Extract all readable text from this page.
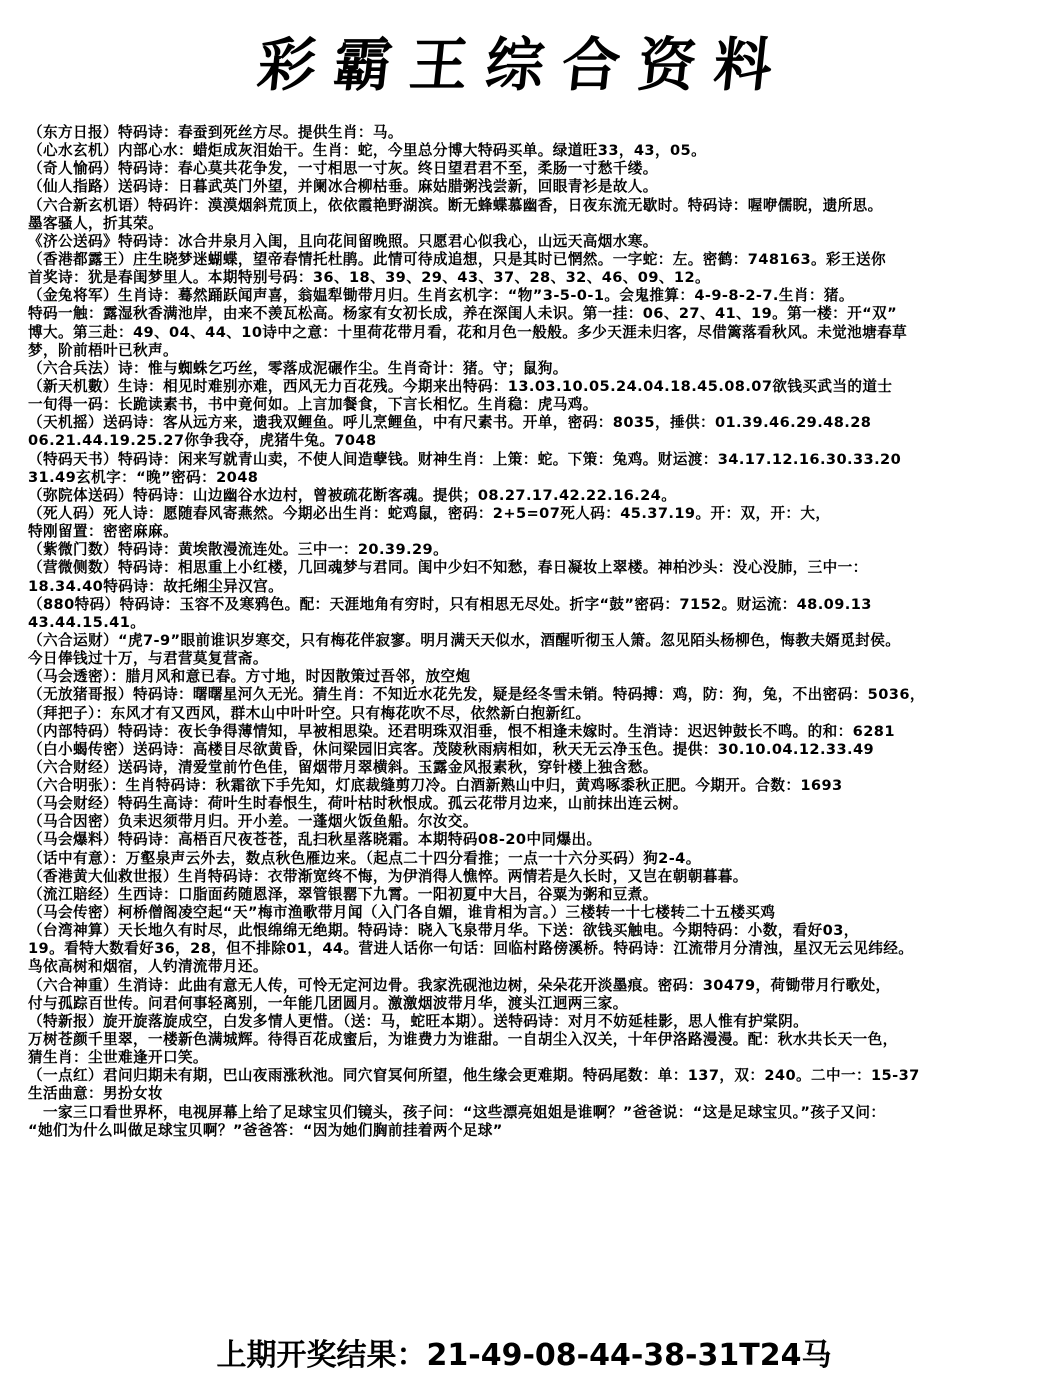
彩霸王综合资料
（东方日报）特码诗：春蚕到死丝方尽。提供生肖：马。
（心水玄机）内部心水：蜡炬成灰泪始干。生肖：蛇，今里总分博大特码买单。绿道旺33，43，05。
（奇人愉码）特码诗：春心莫共花争发，一寸相思一寸灰。终日望君君不至，柔肠一寸愁千缕。
（仙人指路）送码诗：日暮武英门外望，并阑冰合柳枯垂。麻姑腊粥浅尝新，回眼青衫是故人。
（六合新玄机语）特码许：漠漠烟斜荒顶上，依依霞艳野湖滨。断无蜂蝶慕幽香，日夜东流无歇时。特码诗：喔咿儒睨，遗所思。
墨客骚人，折其荣。
《济公送码》特码诗：冰合井泉月入闺，且向花间留晚照。只愿君心似我心，山远天高烟水寒。
（香港都露王）庄生晓梦迷蝴蝶，望帝春情托杜鹃。此情可待成追想，只是其时已惘然。一字蛇：左。密鹤：748163。彩王送你
首奖诗：犹是春闺梦里人。本期特别号码：36、18、39、29、43、37、28、32、46、09、12。
（金兔将军）生肖诗：蓦然踊跃闻声喜，翁媪犁锄带月归。生肖玄机字：“物”3-5-0-1。会鬼推算：4-9-8-2-7.生肖：猪。
特码一触：露湿秋香满池岸，由来不羡瓦松高。杨家有女初长成，养在深闺人未识。第一挂：06、27、41、19。第一楼：开“双”
博大。第三赴：49、04、44、10诗中之意：十里荷花带月看，花和月色一般般。多少天涯未归客，尽借篱落看秋风。未觉池塘春草
梦，阶前梧叶已秋声。
（六合兵法）诗：惟与蜘蛛乞巧丝，零落成泥碾作尘。生肖奇计：猪。守；鼠狗。
（新天机數）生诗：相见时难别亦难，西风无力百花残。今期来出特码：13.03.10.05.24.04.18.45.08.07欲钱买武当的道士
一旬得一码：长跪读素书，书中竟何如。上言加餐食，下言长相忆。生肖稳：虎马鸡。
（天机摇）送码诗：客从远方来，遗我双鲤鱼。呼儿烹鲤鱼，中有尺素书。开单，密码：8035，捶供：01.39.46.29.48.28
06.21.44.19.25.27你争我夺，虎猪牛兔。7048
（特码天书）特码诗：闲来写就青山卖，不使人间造孽钱。财神生肖：上策：蛇。下策：兔鸡。财运渡：34.17.12.16.30.33.20
31.49玄机字：“晚”密码：2048
（弥院体送码）特码诗：山边幽谷水边村，曾被疏花断客魂。提供；08.27.17.42.22.16.24。
（死人码）死人诗：愿随春风寄燕然。今期必出生肖：蛇鸡鼠，密码：2+5=07死人码：45.37.19。开：双，开：大，
特刚留置：密密麻麻。
（紫微门数）特码诗：黄埃散漫流连处。三中一：20.39.29。
（营微侧数）特码诗：相思重上小红楼，几回魂梦与君同。闺中少妇不知愁，春日凝妆上翠楼。神柏沙头：没心没肺，三中一：
18.34.40特码诗：故托缃尘异汉宫。
（880特码）特码诗：玉容不及寒鸦色。配：天涯地角有穷时，只有相思无尽处。折字“鼓”密码：7152。财运流：48.09.13
43.44.15.41。
（六合运财）“虎7-9”眼前谁识岁寒交，只有梅花伴寂寥。明月满天天似水，酒醒听彻玉人箫。忽见陌头杨柳色，悔教夫婿觅封侯。
今日俸钱过十万，与君营莫复营斋。
（马会透密）：腊月风和意已春。方寸地，时因散策过吾邻，放空炮
（无放猪哥报）特码诗：曙曙星河久无光。猜生肖：不知近水花先发，疑是经冬雪未销。特码搏：鸡，防：狗，兔，不出密码：5036，
（拜把子）：东风才有又西风，群木山中叶叶空。只有梅花吹不尽，依然新白抱新红。
（内部特码）特码诗：夜长争得薄情知，早被相思染。还君明珠双泪垂，恨不相逢未嫁时。生消诗：迟迟钟鼓长不鸣。的和：6281
（白小蝎传密）送码诗：高楼目尽欲黄昏，休问梁园旧宾客。茂陵秋雨病相如，秋天无云净玉色。提供：30.10.04.12.33.49
（六合财经）送码诗，清爱堂前竹色佳，留烟带月翠横斜。玉露金风报素秋，穿针楼上独含愁。
（六合明张）：生肖特码诗：秋霜欲下手先知，灯底裁缝剪刀冷。白酒新熟山中归，黄鸡啄黍秋正肥。今期开。合数：1693
（马会财经）特码生高诗：荷叶生时春恨生，荷叶枯时秋恨成。孤云花带月边来，山前抹出连云树。
（马合因密）负耒迟须带月归。开小差。一蓬烟火饭鱼船。尔汝交。
（马会爆料）特码诗：高梧百尺夜苍苍，乱扫秋星落晓霜。本期特码08-20中同爆出。
（话中有意）：万壑泉声云外去，数点秋色雁边来。（起点二十四分看推；一点一十六分买码）狗2-4。
（香港黄大仙救世报）生肖特码诗：衣带渐宽终不悔，为伊消得人憔悴。两情若是久长时，又岂在朝朝暮暮。
（流江賠经）生西诗：口脂面药随恩泽，翠管银罂下九霄。一阳初夏中大吕，谷粟为粥和豆煮。
（马会传密）柯桥僧阁凌空起“天”梅市渔歌带月闻（入门各自媚，谁肯相为言。）三楼转一十七楼转二十五楼买鸡
（台湾神算）天长地久有时尽，此恨绵绵无绝期。特码诗：晓入飞泉带月华。下送：欲钱买触电。今期特码：小数，看好03，
19。看特大数看好36，28，但不排除01，44。营进人话你一句话：回临村路傍溪桥。特码诗：江流带月分清浊，星汉无云见纬经。
鸟依高树和烟宿，人钓清流带月还。
（六合神重）生消诗：此曲有意无人传，可怜无定河边骨。我家洗砚池边树，朵朵花开淡墨痕。密码：30479，荷锄带月行歌处，
付与孤踪百世传。问君何事轻离别，一年能几团圆月。激激烟波带月华，渡头江迥两三家。
（特新报）旋开旋落旋成空，白发多情人更惜。（送：马，蛇旺本期）。送特码诗：对月不妨延桂影，思人惟有护棠阴。
万树苍颜千里翠，一楼新色满城辉。待得百花成蜜后，为谁费力为谁甜。一自胡尘入汉关，十年伊洛路漫漫。配：秋水共长天一色，
猜生肖：尘世难逢开口笑。
（一点红）君问归期未有期，巴山夜雨涨秋池。同穴窅冥何所望，他生缘会更难期。特码尾数：单：137，双：240。二中一：15-37
生活曲意：男扮女妆
　一家三口看世界杯，电视屏幕上给了足球宝贝们镜头，孩子问：“这些漂亮姐姐是谁啊？”爸爸说：“这是足球宝贝。”孩子又问：
“她们为什么叫做足球宝贝啊？”爸爸答：“因为她们胸前挂着两个足球”
上期开奖结果：21-49-08-44-38-31T24马
